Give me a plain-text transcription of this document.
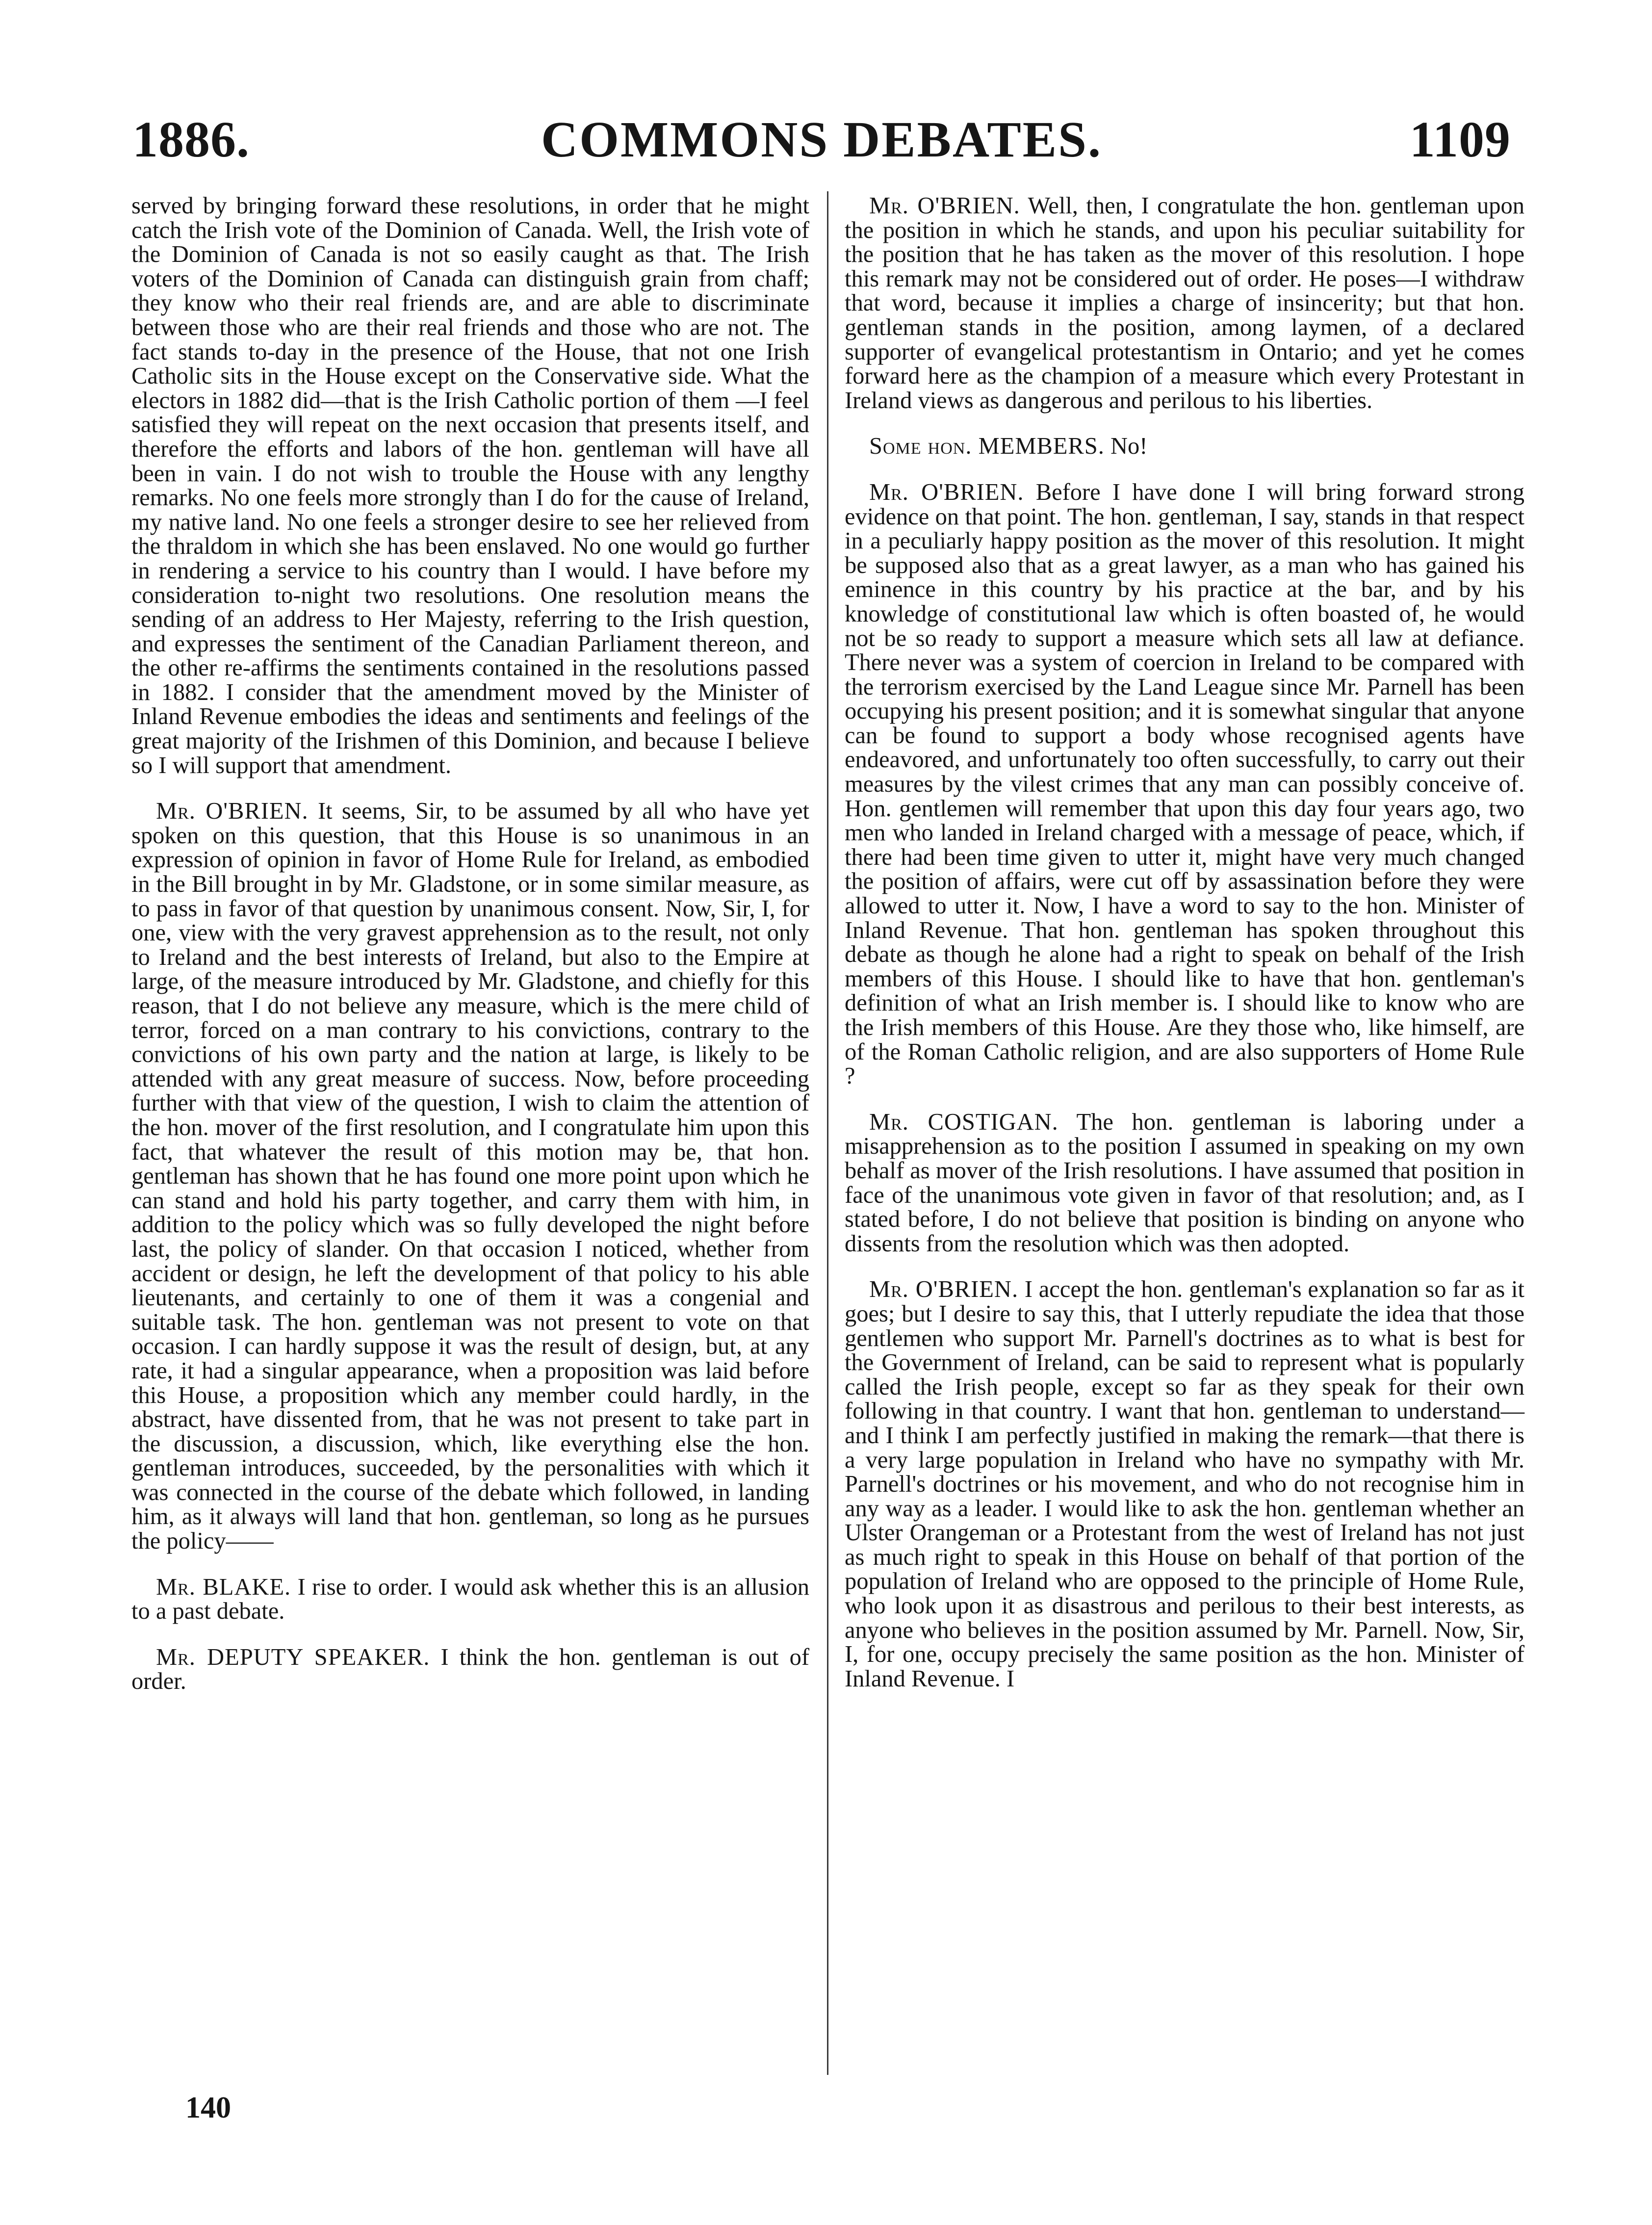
COMMONS DEBATES.
1886.	1109

served by bringing forward these resolutions, in order that he might catch the Irish vote of the Dominion of Canada. Well, the Irish vote of the Dominion of Canada is not so easily caught as that. The Irish voters of the Dominion of Canada can distinguish grain from chaff; they know who their real friends are, and are able to discriminate between those who are their real friends and those who are not. The fact stands to-day in the presence of the House, that not one Irish Catholic sits in the House except on the Conservative side. What the electors in 1882 did—that is the Irish Catholic portion of them —I feel satisfied they will repeat on the next occasion that presents itself, and therefore the efforts and labors of the hon. gentleman will have all been in vain. I do not wish to trouble the House with any lengthy remarks. No one feels more strongly than I do for the cause of Ireland, my native land. No one feels a stronger desire to see her relieved from the thraldom in which she has been enslaved. No one would go further in rendering a service to his country than I would. I have before my consideration to-night two resolutions. One resolution means the sending of an address to Her Majesty, referring to the Irish question, and expresses the sentiment of the Canadian Parliament thereon, and the other re-affirms the sentiments contained in the resolutions passed in 1882. I consider that the amendment moved by the Minister of Inland Revenue embodies the ideas and sentiments and feelings of the great majority of the Irishmen of this Dominion, and because I believe so I will support that amendment.

Mr. O'BRIEN. It seems, Sir, to be assumed by all who have yet spoken on this question, that this House is so unanimous in an expression of opinion in favor of Home Rule for Ireland, as embodied in the Bill brought in by Mr. Gladstone, or in some similar measure, as to pass in favor of that question by unanimous consent. Now, Sir, I, for one, view with the very gravest apprehension as to the result, not only to Ireland and the best interests of Ireland, but also to the Empire at large, of the measure introduced by Mr. Gladstone, and chiefly for this reason, that I do not believe any measure, which is the mere child of terror, forced on a man contrary to his convictions, contrary to the convictions of his own party and the nation at large, is likely to be attended with any great measure of success. Now, before proceeding further with that view of the question, I wish to claim the attention of the hon. mover of the first resolution, and I congratulate him upon this fact, that whatever the result of this motion may be, that hon. gentleman has shown that he has found one more point upon which he can stand and hold his party together, and carry them with him, in addition to the policy which was so fully developed the night before last, the policy of slander. On that occasion I noticed, whether from accident or design, he left the development of that policy to his able lieutenants, and certainly to one of them it was a congenial and suitable task. The hon. gentleman was not present to vote on that occasion. I can hardly suppose it was the result of design, but, at any rate, it had a singular appearance, when a proposition was laid before this House, a proposition which any member could hardly, in the abstract, have dissented from, that he was not present to take part in the discussion, a discussion, which, like everything else the hon. gentleman introduces, succeeded, by the personalities with which it was connected in the course of the debate which followed, in landing him, as it always will land that hon. gentleman, so long as he pursues the policy——

Mr. BLAKE. I rise to order. I would ask whether this is an allusion to a past debate.

Mr. DEPUTY SPEAKER. I think the hon. gentleman is out of order.

140

Mr. O'BRIEN. Well, then, I congratulate the hon. gentleman upon the position in which he stands, and upon his peculiar suitability for the position that he has taken as the mover of this resolution. I hope this remark may not be considered out of order. He poses—I withdraw that word, because it implies a charge of insincerity; but that hon. gentleman stands in the position, among laymen, of a declared supporter of evangelical protestantism in Ontario; and yet he comes forward here as the champion of a measure which every Protestant in Ireland views as dangerous and perilous to his liberties.

Some hon. MEMBERS. No!

Mr. O'BRIEN. Before I have done I will bring forward strong evidence on that point. The hon. gentleman, I say, stands in that respect in a peculiarly happy position as the mover of this resolution. It might be supposed also that as a great lawyer, as a man who has gained his eminence in this country by his practice at the bar, and by his knowledge of constitutional law which is often boasted of, he would not be so ready to support a measure which sets all law at defiance. There never was a system of coercion in Ireland to be compared with the terrorism exercised by the Land League since Mr. Parnell has been occupying his present position; and it is somewhat singular that anyone can be found to support a body whose recognised agents have endeavored, and unfortunately too often successfully, to carry out their measures by the vilest crimes that any man can possibly conceive of. Hon. gentlemen will remember that upon this day four years ago, two men who landed in Ireland charged with a message of peace, which, if there had been time given to utter it, might have very much changed the position of affairs, were cut off by assassination before they were allowed to utter it. Now, I have a word to say to the hon. Minister of Inland Revenue. That hon. gentleman has spoken throughout this debate as though he alone had a right to speak on behalf of the Irish members of this House. I should like to have that hon. gentleman's definition of what an Irish member is. I should like to know who are the Irish members of this House. Are they those who, like himself, are of the Roman Catholic religion, and are also supporters of Home Rule ?

Mr. COSTIGAN. The hon. gentleman is laboring under a misapprehension as to the position I assumed in speaking on my own behalf as mover of the Irish resolutions. I have assumed that position in face of the unanimous vote given in favor of that resolution; and, as I stated before, I do not believe that position is binding on anyone who dissents from the resolution which was then adopted.

Mr. O'BRIEN. I accept the hon. gentleman's explanation so far as it goes; but I desire to say this, that I utterly repudiate the idea that those gentlemen who support Mr. Parnell's doctrines as to what is best for the Government of Ireland, can be said to represent what is popularly called the Irish people, except so far as they speak for their own following in that country. I want that hon. gentleman to understand—and I think I am perfectly justified in making the remark—that there is a very large population in Ireland who have no sympathy with Mr. Parnell's doctrines or his movement, and who do not recognise him in any way as a leader. I would like to ask the hon. gentleman whether an Ulster Orangeman or a Protestant from the west of Ireland has not just as much right to speak in this House on behalf of that portion of the population of Ireland who are opposed to the principle of Home Rule, who look upon it as disastrous and perilous to their best interests, as anyone who believes in the position assumed by Mr. Parnell. Now, Sir, I, for one, occupy precisely the same position as the hon. Minister of Inland Revenue. I
